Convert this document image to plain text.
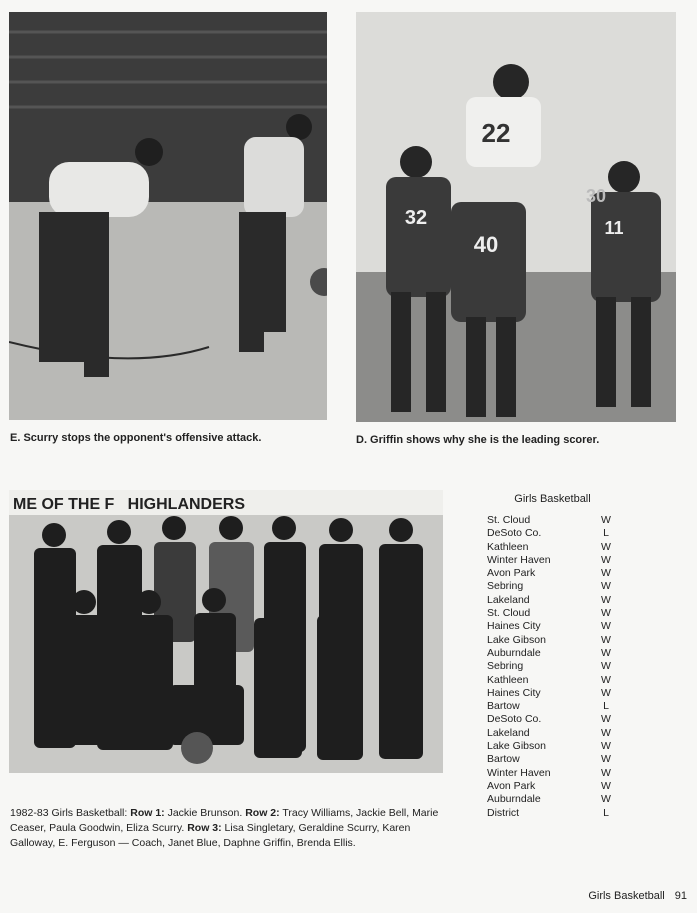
22
32
40
30
11
E. Scurry stops the opponent's offensive attack.	D. Griffin shows why she is the leading scorer.
ME OF THE F   HIGHLANDERS
1982-83 Girls Basketball: Row 1: Jackie Brunson. Row 2: Tracy Williams, Jackie Bell, Marie Ceaser, Paula Goodwin, Eliza Scurry. Row 3: Lisa Singletary, Geraldine Scurry, Karen Galloway, E. Ferguson — Coach, Janet Blue, Daphne Griffin, Brenda Ellis.
Girls Basketball
St. Cloud	W
DeSoto Co.	L
Kathleen	W
Winter Haven	W
Avon Park	W
Sebring	W
Lakeland	W
St. Cloud	W
Haines City	W
Lake Gibson	W
Auburndale	W
Sebring	W
Kathleen	W
Haines City	W
Bartow	L
DeSoto Co.	W
Lakeland	W
Lake Gibson	W
Bartow	W
Winter Haven	W
Avon Park	W
Auburndale	W
District	L
Girls Basketball 91
